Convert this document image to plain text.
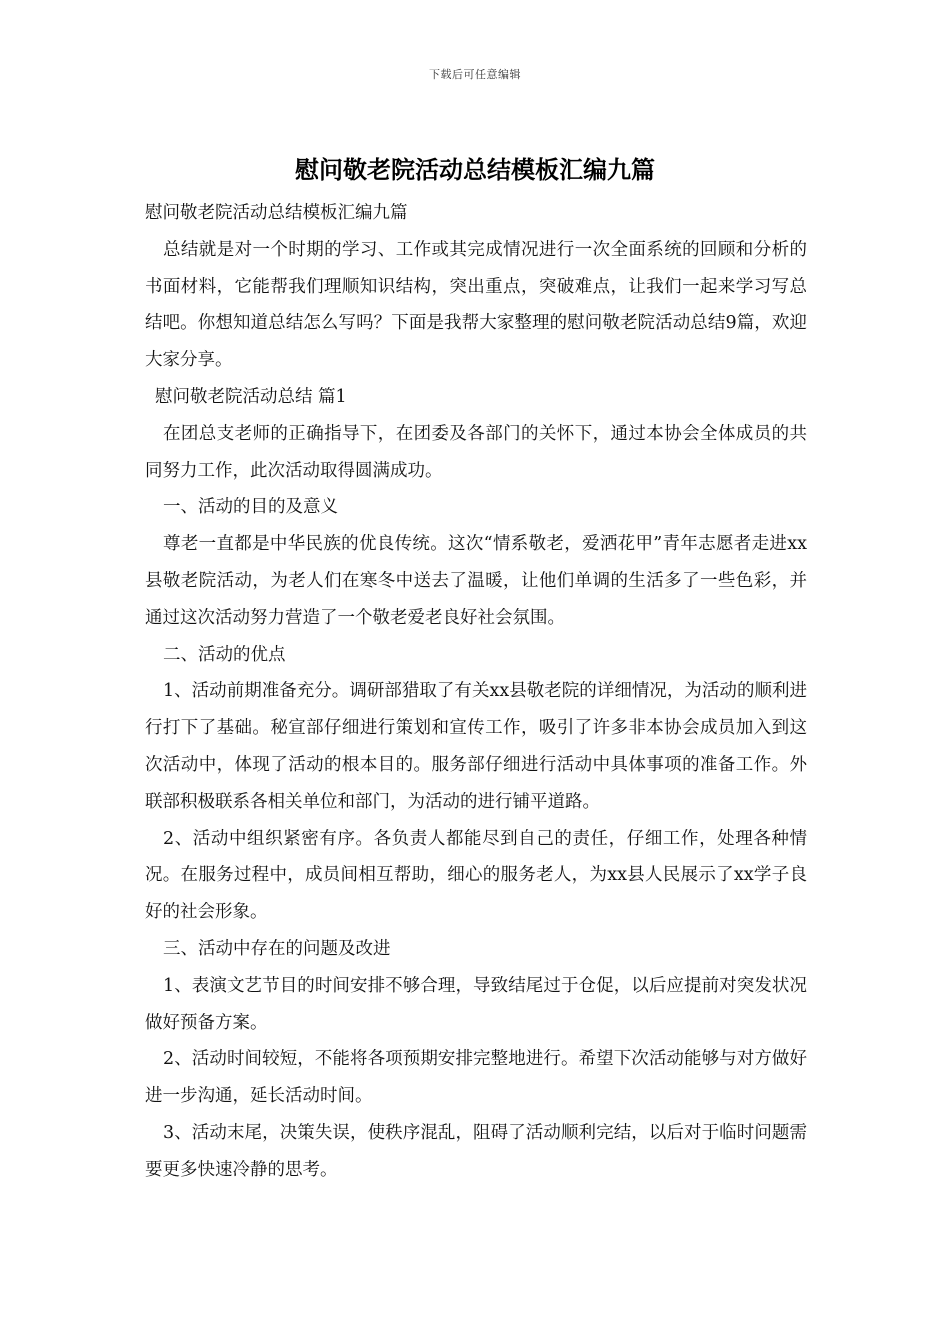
下载后可任意编辑
慰问敬老院活动总结模板汇编九篇

慰问敬老院活动总结模板汇编九篇

总结就是对一个时期的学习、工作或其完成情况进行一次全面系统的回顾和分析的书面材料，它能帮我们理顺知识结构，突出重点，突破难点，让我们一起来学习写总结吧。你想知道总结怎么写吗？下面是我帮大家整理的慰问敬老院活动总结9篇，欢迎大家分享。

慰问敬老院活动总结 篇1

在团总支老师的正确指导下，在团委及各部门的关怀下，通过本协会全体成员的共同努力工作，此次活动取得圆满成功。

一、活动的目的及意义

尊老一直都是中华民族的优良传统。这次“情系敬老，爱洒花甲”青年志愿者走进xx县敬老院活动，为老人们在寒冬中送去了温暖，让他们单调的生活多了一些色彩，并通过这次活动努力营造了一个敬老爱老良好社会氛围。

二、活动的优点

1、活动前期准备充分。调研部猎取了有关xx县敬老院的详细情况，为活动的顺利进行打下了基础。秘宣部仔细进行策划和宣传工作，吸引了许多非本协会成员加入到这次活动中，体现了活动的根本目的。服务部仔细进行活动中具体事项的准备工作。外联部积极联系各相关单位和部门，为活动的进行铺平道路。

2、活动中组织紧密有序。各负责人都能尽到自己的责任，仔细工作，处理各种情况。在服务过程中，成员间相互帮助，细心的服务老人，为xx县人民展示了xx学子良好的社会形象。

三、活动中存在的问题及改进

1、表演文艺节目的时间安排不够合理，导致结尾过于仓促，以后应提前对突发状况做好预备方案。

2、活动时间较短，不能将各项预期安排完整地进行。希望下次活动能够与对方做好进一步沟通，延长活动时间。

3、活动末尾，决策失误，使秩序混乱，阻碍了活动顺利完结，以后对于临时问题需要更多快速冷静的思考。
